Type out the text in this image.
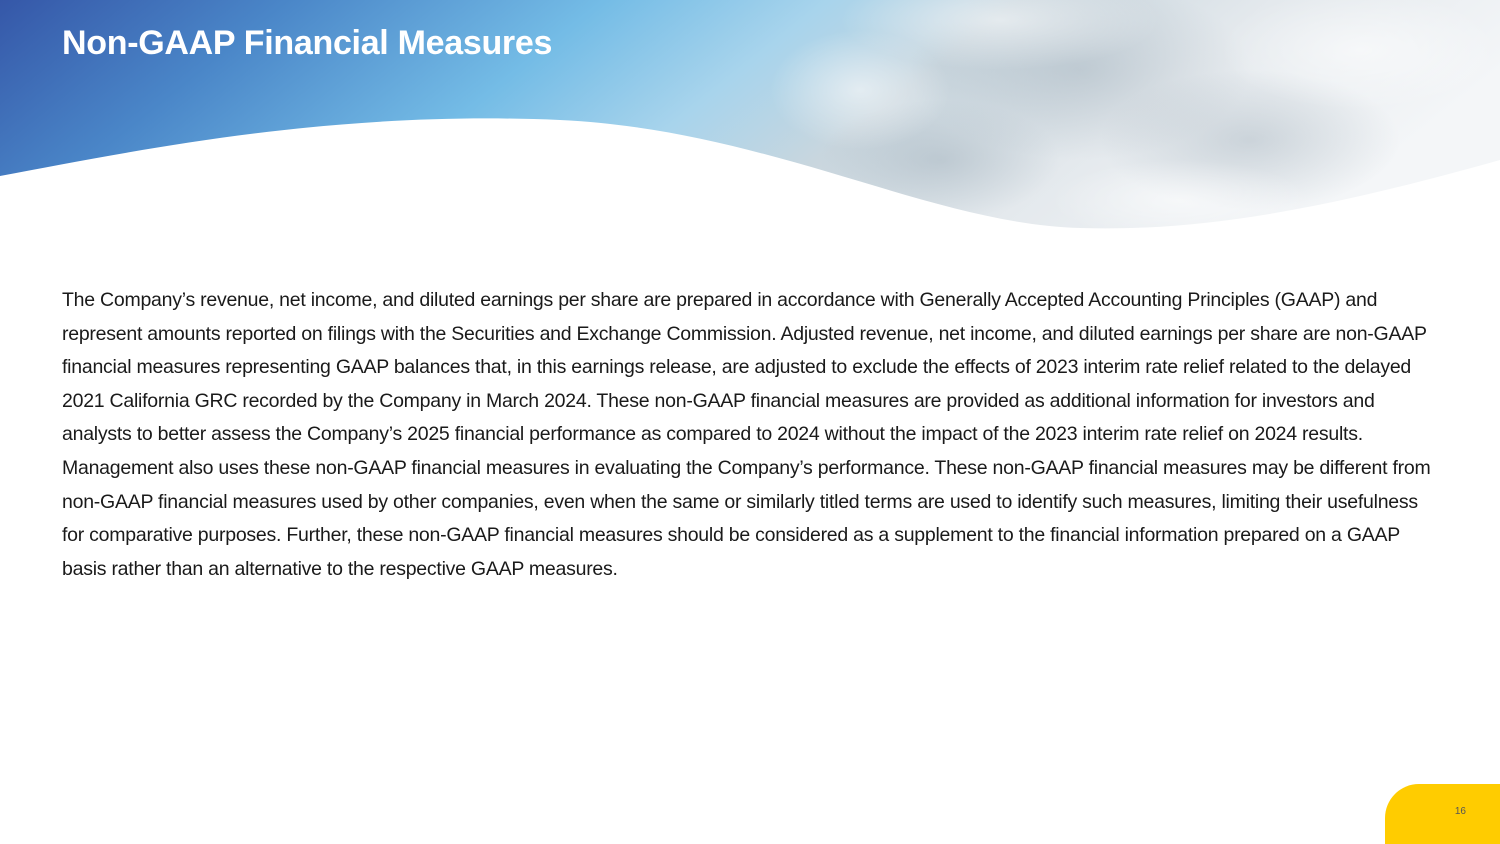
Non-GAAP Financial Measures

The Company’s revenue, net income, and diluted earnings per share are prepared in accordance with Generally Accepted Accounting Principles (GAAP) and represent amounts reported on filings with the Securities and Exchange Commission. Adjusted revenue, net income, and diluted earnings per share are non-GAAP financial measures representing GAAP balances that, in this earnings release, are adjusted to exclude the effects of 2023 interim rate relief related to the delayed 2021 California GRC recorded by the Company in March 2024. These non-GAAP financial measures are provided as additional information for investors and analysts to better assess the Company’s 2025 financial performance as compared to 2024 without the impact of the 2023 interim rate relief on 2024 results. Management also uses these non-GAAP financial measures in evaluating the Company’s performance. These non-GAAP financial measures may be different from non-GAAP financial measures used by other companies, even when the same or similarly titled terms are used to identify such measures, limiting their usefulness for comparative purposes. Further, these non-GAAP financial measures should be considered as a supplement to the financial information prepared on a GAAP basis rather than an alternative to the respective GAAP measures.

16
